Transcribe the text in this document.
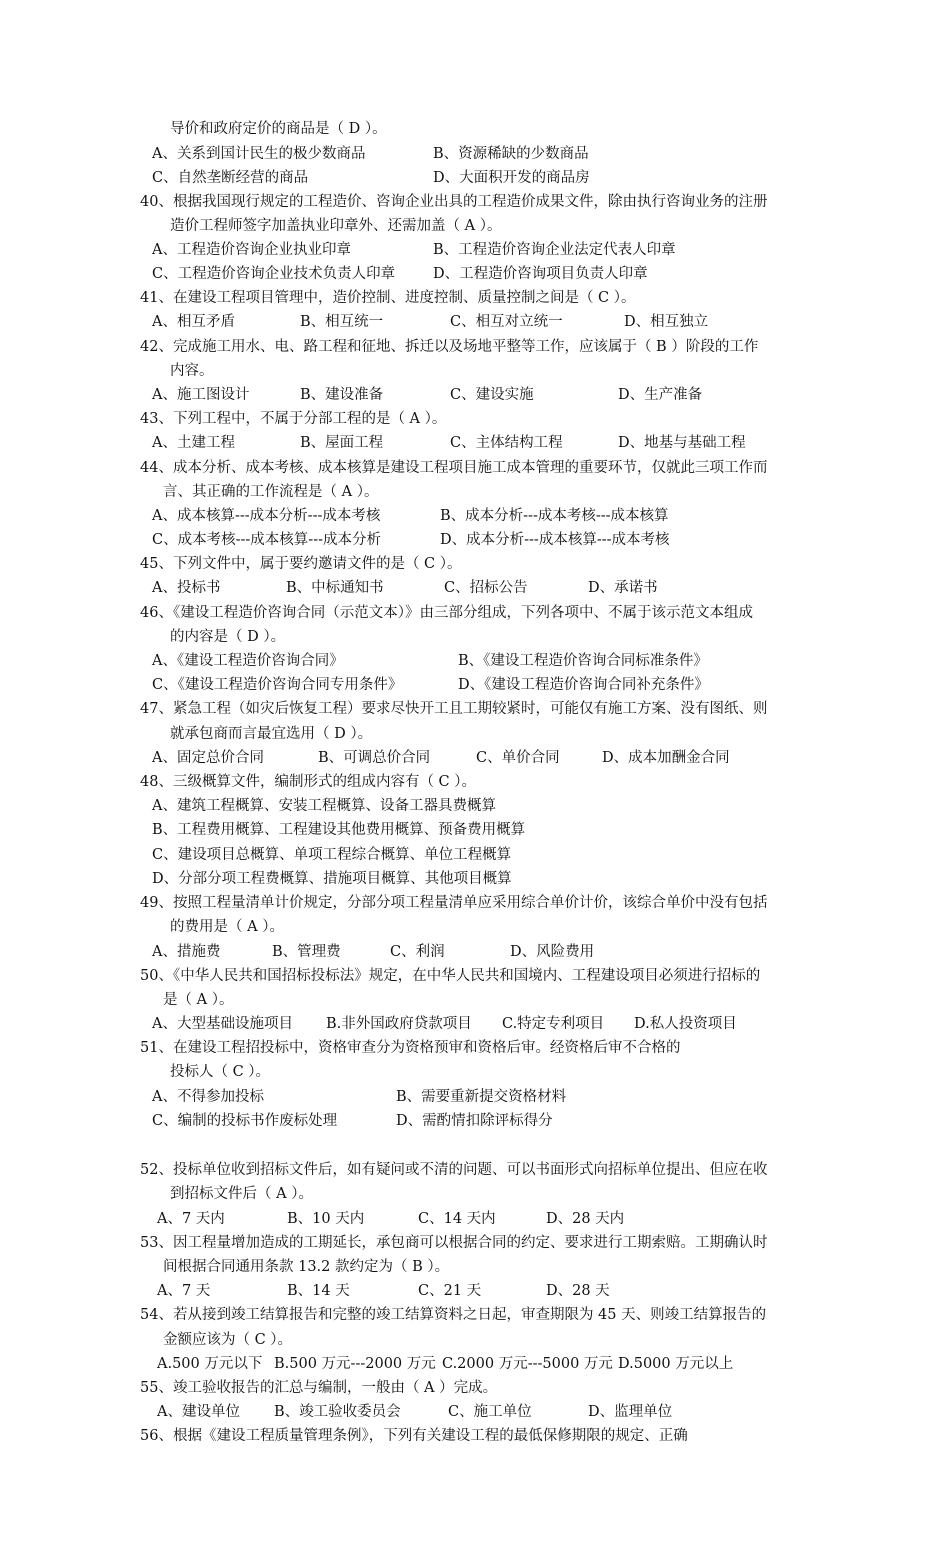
导价和政府定价的商品是（ D ）。
A、关系到国计民生的极少数商品	B、资源稀缺的少数商品
C、自然垄断经营的商品	D、大面积开发的商品房
40、根据我国现行规定的工程造价、咨询企业出具的工程造价成果文件，除由执行咨询业务的注册
造价工程师签字加盖执业印章外、还需加盖（ A ）。
A、工程造价咨询企业执业印章	B、工程造价咨询企业法定代表人印章
C、工程造价咨询企业技术负责人印章	D、工程造价咨询项目负责人印章
41、在建设工程项目管理中，造价控制、进度控制、质量控制之间是（ C ）。
A、相互矛盾	B、相互统一	C、相互对立统一	D、相互独立
42、完成施工用水、电、路工程和征地、拆迁以及场地平整等工作，应该属于（ B ）阶段的工作
内容。
A、施工图设计	B、建设准备	C、建设实施	D、生产准备
43、下列工程中，不属于分部工程的是（ A ）。
A、土建工程	B、屋面工程	C、主体结构工程	D、地基与基础工程
44、成本分析、成本考核、成本核算是建设工程项目施工成本管理的重要环节，仅就此三项工作而
言、其正确的工作流程是（ A ）。
A、成本核算---成本分析---成本考核	B、成本分析---成本考核---成本核算
C、成本考核---成本核算---成本分析	D、成本分析---成本核算---成本考核
45、下列文件中，属于要约邀请文件的是（ C ）。
A、投标书	B、中标通知书	C、招标公告	D、承诺书
46、《建设工程造价咨询合同（示范文本）》由三部分组成，下列各项中、不属于该示范文本组成
的内容是（ D ）。
A、《建设工程造价咨询合同》	B、《建设工程造价咨询合同标准条件》
C、《建设工程造价咨询合同专用条件》	D、《建设工程造价咨询合同补充条件》
47、紧急工程（如灾后恢复工程）要求尽快开工且工期较紧时，可能仅有施工方案、没有图纸、则
就承包商而言最宜选用（ D ）。
A、固定总价合同	B、可调总价合同	C、单价合同	D、成本加酬金合同
48、三级概算文件，编制形式的组成内容有（ C ）。
A、建筑工程概算、安装工程概算、设备工器具费概算
B、工程费用概算、工程建设其他费用概算、预备费用概算
C、建设项目总概算、单项工程综合概算、单位工程概算
D、分部分项工程费概算、措施项目概算、其他项目概算
49、按照工程量清单计价规定，分部分项工程量清单应采用综合单价计价，该综合单价中没有包括
的费用是（ A ）。
A、措施费	B、管理费	C、利润	D、风险费用
50、《中华人民共和国招标投标法》规定，在中华人民共和国境内、工程建设项目必须进行招标的
是（ A ）。
A、大型基础设施项目 B.非外国政府贷款项目 C.特定专利项目 D.私人投资项目
51、在建设工程招投标中，资格审查分为资格预审和资格后审。经资格后审不合格的
投标人（ C ）。
A、不得参加投标	B、需要重新提交资格材料
C、编制的投标书作废标处理	D、需酌情扣除评标得分
52、投标单位收到招标文件后，如有疑问或不清的问题、可以书面形式向招标单位提出、但应在收
到招标文件后（ A ）。
A、7 天内	B、10 天内	C、14 天内	D、28 天内
53、因工程量增加造成的工期延长，承包商可以根据合同的约定、要求进行工期索赔。工期确认时
间根据合同通用条款 13.2 款约定为（ B ）。
A、7 天	B、14 天	C、21 天	D、28 天
54、若从接到竣工结算报告和完整的竣工结算资料之日起，审查期限为 45 天、则竣工结算报告的
金额应该为（ C ）。
A.500 万元以下 B.500 万元---2000 万元 C.2000 万元---5000 万元 D.5000 万元以上
55、竣工验收报告的汇总与编制，一般由（ A ）完成。
A、建设单位 B、竣工验收委员会	C、施工单位	D、监理单位
56、根据《建设工程质量管理条例》，下列有关建设工程的最低保修期限的规定、正确
